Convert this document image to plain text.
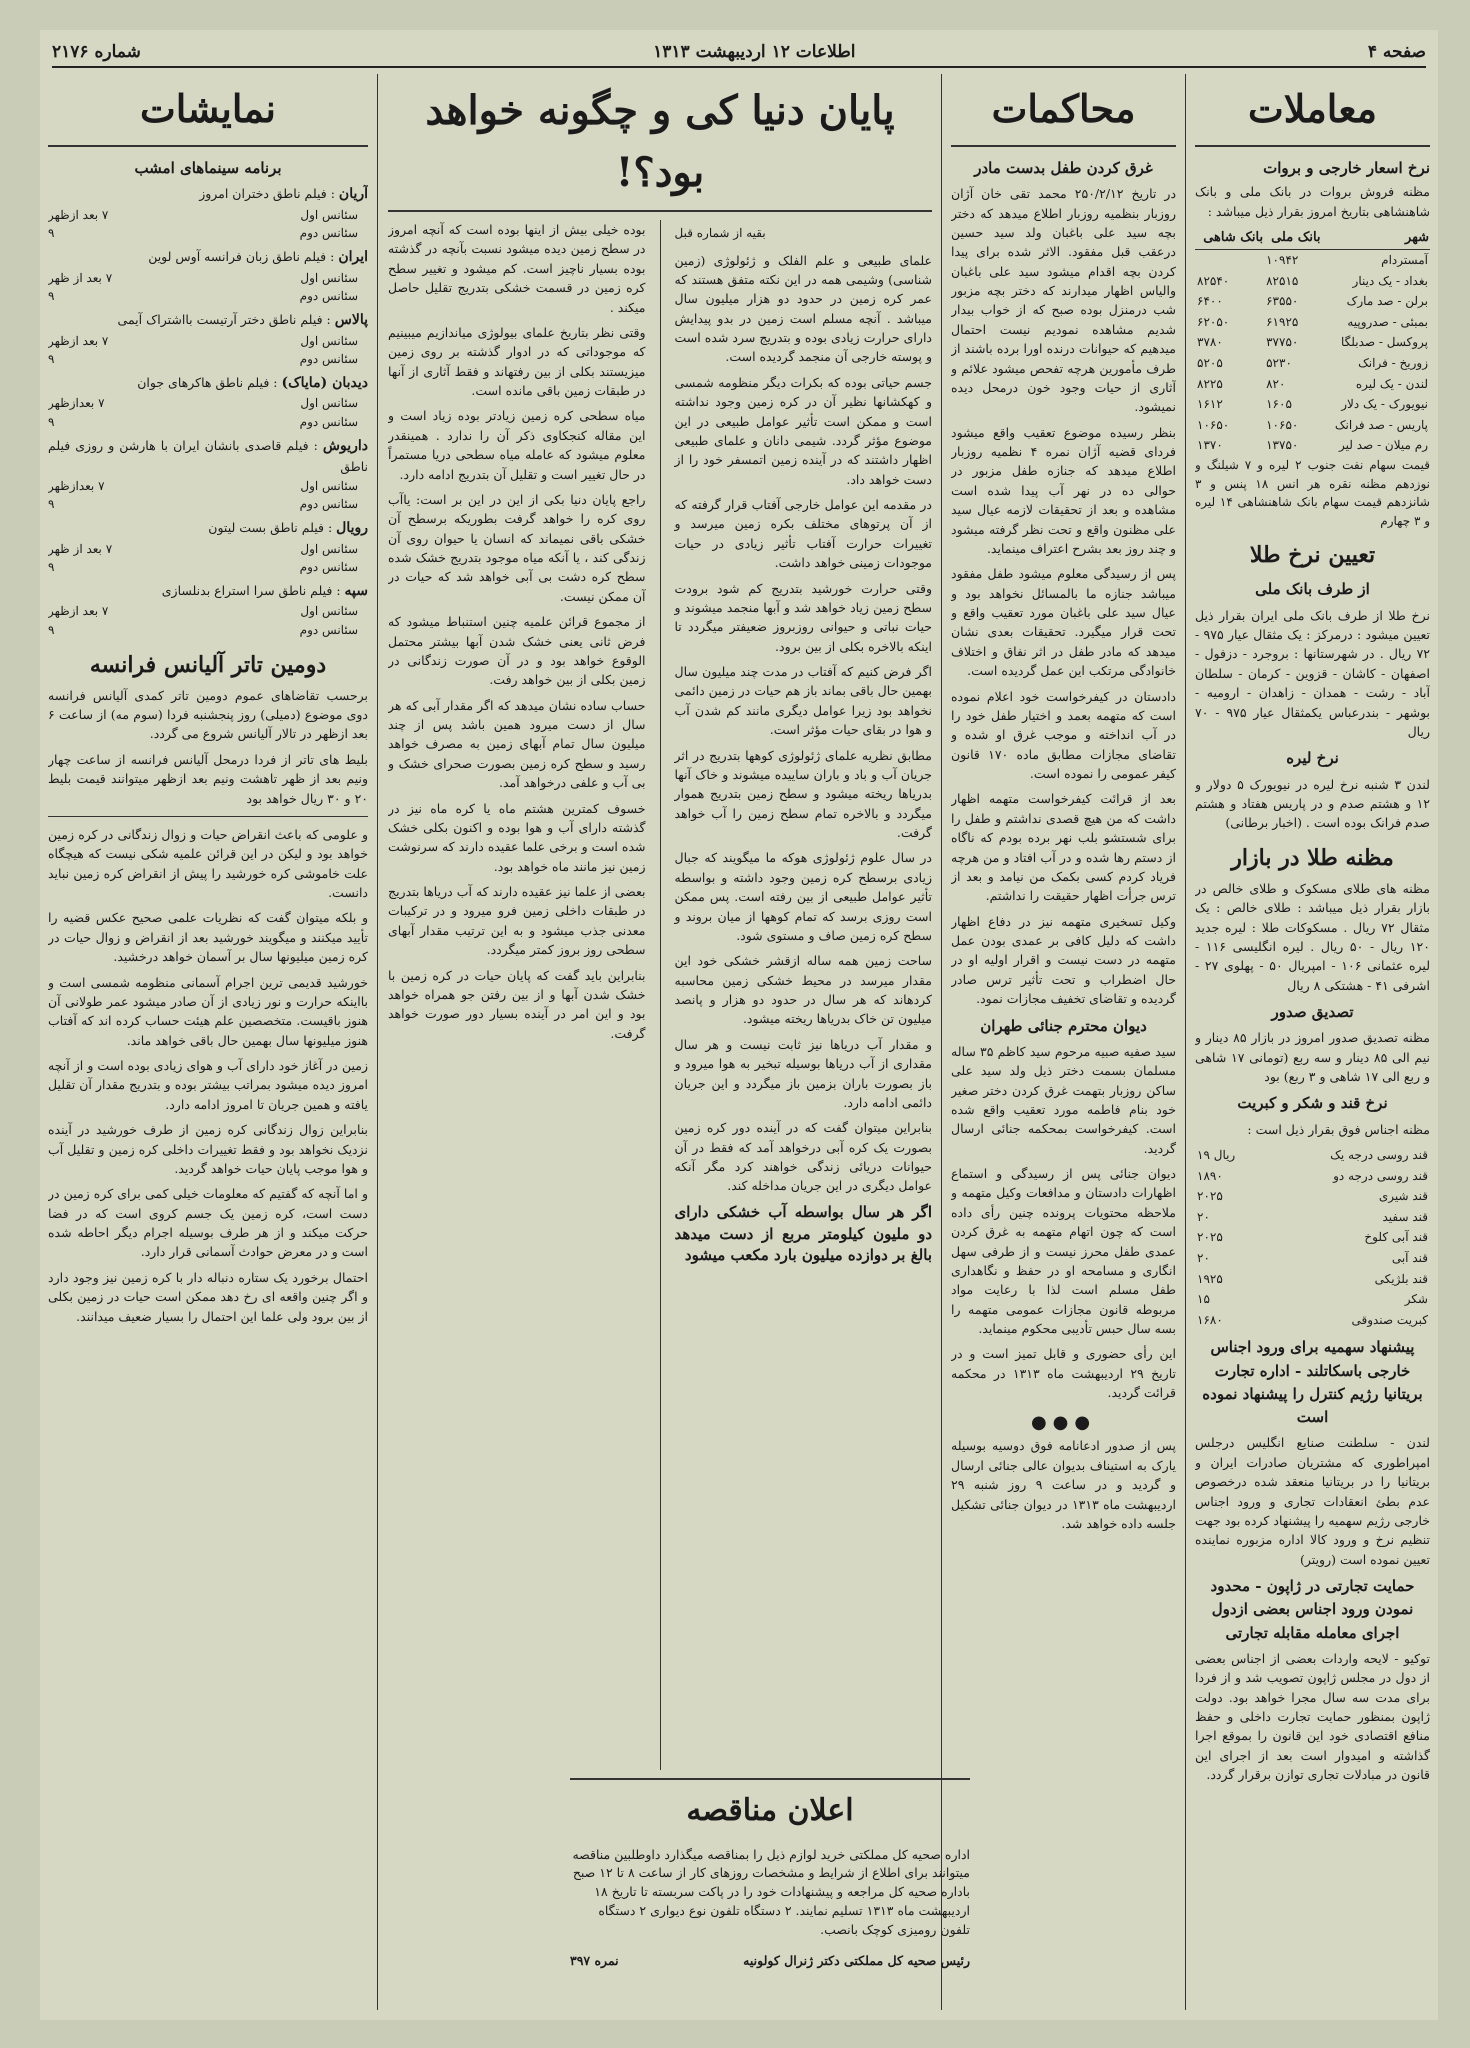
صفحه ۴
اطلاعات ۱۲ اردیبهشت ۱۳۱۳
شماره ۲۱۷۶
معاملات
نرخ اسعار خارجی و بروات

مظنه فروش بروات در بانک ملی و بانک شاهنشاهی بتاریخ امروز بقرار ذیل میباشد :

شهر	بانک ملی	بانک شاهی
آمستردام	۱۰۹۴۲	
بغداد - یک دینار	۸۲۵۱۵	۸۲۵۴۰
برلن - صد مارک	۶۳۵۵۰	۶۴۰۰
بمبئی - صدروپیه	۶۱۹۲۵	۶۲۰۵۰
پروکسل - صدبلگا	۳۷۷۵۰	۳۷۸۰
زوریخ - فرانک	۵۲۳۰	۵۲۰۵
لندن - یک لیره	۸۲۰	۸۲۲۵
نیویورک - یک دلار	۱۶۰۵	۱۶۱۲
پاریس - صد فرانک	۱۰۶۵۰	۱۰۶۵۰
رم میلان - صد لیر	۱۳۷۵۰	۱۳۷۰

قیمت سهام نفت جنوب ۲ لیره و ۷ شیلنگ و نوزدهم مظنه نقره هر انس ۱۸ پنس و ۳ شانزدهم قیمت سهام بانک شاهنشاهی ۱۴ لیره و ۳ چهارم

تعیین نرخ طلا
از طرف بانک ملی

نرخ طلا از طرف بانک ملی ایران بقرار ذیل تعیین میشود : درمرکز : یک مثقال عیار ۹۷۵ - ۷۲ ریال . در شهرستانها : بروجرد - دزفول - اصفهان - کاشان - قزوین - کرمان - سلطان آباد - رشت - همدان - زاهدان - ارومیه - بوشهر - بندرعباس یکمثقال عیار ۹۷۵ - ۷۰ ریال

نرخ لیره

لندن ۳ شنبه نرخ لیره در نیویورک ۵ دولار و ۱۲ و هشتم صدم و در پاریس هفتاد و هشتم صدم فرانک بوده است . (اخبار برطانی)

مظنه طلا در بازار

مظنه های طلای مسکوک و طلای خالص در بازار بقرار ذیل میباشد : طلای خالص : یک مثقال ۷۲ ریال . مسکوکات طلا : لیره جدید ۱۲۰ ریال - ۵۰ ریال . لیره انگلیسی ۱۱۶ - لیره عثمانی ۱۰۶ - امپریال ۵۰ - پهلوی ۲۷ - اشرفی ۴۱ - هشتکی ۸ ریال

تصدیق صدور

مظنه تصدیق صدور امروز در بازار ۸۵ دینار و نیم الی ۸۵ دینار و سه ربع (تومانی ۱۷ شاهی و ربع الی ۱۷ شاهی و ۳ ربع) بود

نرخ قند و شکر و کبریت

مظنه اجناس فوق بقرار ذیل است :

قند روسی درجه یک	۱۹ ریال
قند روسی درجه دو	۱۸۹۰
قند شیری	۲۰۲۵
قند سفید	۲۰
قند آبی کلوخ	۲۰۲۵
قند آبی	۲۰
قند بلژیکی	۱۹۲۵
شکر	۱۵
کبریت صندوقی	۱۶۸۰
پیشنهاد سهمیه برای ورود اجناس خارجی باسکاتلند - اداره تجارت بریتانیا رژیم کنترل را پیشنهاد نموده است

لندن - سلطنت صنایع انگلیس درجلس امپراطوری که مشتریان صادرات ایران و بریتانیا را در بریتانیا منعقد شده درخصوص عدم بطئ انعقادات تجاری و ورود اجناس خارجی رژیم سهمیه را پیشنهاد کرده بود جهت تنظیم نرخ و ورود کالا اداره مزبوره نماینده تعیین نموده است (رویتر)

حمایت تجارتی در ژاپون - محدود نمودن ورود اجناس بعضی ازدول اجرای معامله مقابله تجارتی

توکیو - لایحه واردات بعضی از اجناس بعضی از دول در مجلس ژاپون تصویب شد و از فردا برای مدت سه سال مجرا خواهد بود. دولت ژاپون بمنظور حمایت تجارت داخلی و حفظ منافع اقتصادی خود این قانون را بموقع اجرا گذاشته و امیدوار است بعد از اجرای این قانون در مبادلات تجاری توازن برقرار گردد.

محاکمات
غرق کردن طفل بدست مادر

در تاریخ ۲۵۰/۲/۱۲ محمد تقی خان آژان روزبار بنظمیه روزبار اطلاع میدهد که دختر بچه سید علی باغبان ولد سید حسین درعقب قبل مفقود. الاثر شده برای پیدا کردن بچه اقدام میشود سید علی باغبان والیاس اظهار میدارند که دختر بچه مزبور شب درمنزل بوده صبح که از خواب بیدار شدیم مشاهده نمودیم نیست احتمال میدهیم که حیوانات درنده اورا برده باشند از طرف مأمورین هرچه تفحص میشود علائم و آثاری از حیات وجود خون درمحل دیده نمیشود.

بنظر رسیده موضوع تعقیب واقع میشود فردای قضیه آژان نمره ۴ نظمیه روزبار اطلاع میدهد که جنازه طفل مزبور در حوالی ده در نهر آب پیدا شده است مشاهده و بعد از تحقیقات لازمه عیال سید علی مظنون واقع و تحت نظر گرفته میشود و چند روز بعد بشرح اعتراف مینماید.

پس از رسیدگی معلوم میشود طفل مفقود میباشد جنازه ما بالمسائل نخواهد بود و عیال سید علی باغبان مورد تعقیب واقع و تحت قرار میگیرد. تحقیقات بعدی نشان میدهد که مادر طفل در اثر نفاق و اختلاف خانوادگی مرتکب این عمل گردیده است.

دادستان در کیفرخواست خود اعلام نموده است که متهمه بعمد و اختیار طفل خود را در آب انداخته و موجب غرق او شده و تقاضای مجازات مطابق ماده ۱۷۰ قانون کیفر عمومی را نموده است.

بعد از قرائت کیفرخواست متهمه اظهار داشت که من هیچ قصدی نداشتم و طفل را برای شستشو بلب نهر برده بودم که ناگاه از دستم رها شده و در آب افتاد و من هرچه فریاد کردم کسی بکمک من نیامد و بعد از ترس جرأت اظهار حقیقت را نداشتم.

وکیل تسخیری متهمه نیز در دفاع اظهار داشت که دلیل کافی بر عمدی بودن عمل متهمه در دست نیست و اقرار اولیه او در حال اضطراب و تحت تأثیر ترس صادر گردیده و تقاضای تخفیف مجازات نمود.

دیوان محترم جنائی طهران

سید صفیه صبیه مرحوم سید کاظم ۳۵ ساله مسلمان بسمت دختر ذیل ولد سید علی ساکن روزبار بتهمت غرق کردن دختر صغیر خود بنام فاطمه مورد تعقیب واقع شده است. کیفرخواست بمحکمه جنائی ارسال گردید.

دیوان جنائی پس از رسیدگی و استماع اظهارات دادستان و مدافعات وکیل متهمه و ملاحظه محتویات پرونده چنین رأی داده است که چون اتهام متهمه به غرق کردن عمدی طفل محرز نیست و از طرفی سهل انگاری و مسامحه او در حفظ و نگاهداری طفل مسلم است لذا با رعایت مواد مربوطه قانون مجازات عمومی متهمه را بسه سال حبس تأدیبی محکوم مینماید.

این رأی حضوری و قابل تمیز است و در تاریخ ۲۹ اردیبهشت ماه ۱۳۱۳ در محکمه قرائت گردید.

●●●

پس از صدور ادعانامه فوق دوسیه بوسیله یارک به استیناف بدیوان عالی جنائی ارسال و گردید و در ساعت ۹ روز شنبه ۲۹ اردیبهشت ماه ۱۳۱۳ در دیوان جنائی تشکیل جلسه داده خواهد شد.

پایان دنیا کی و چگونه خواهد بود؟!
بقیه از شماره قبل

علمای طبیعی و علم الفلک و ژئولوژی (زمین شناسی) وشیمی همه در این نکته متفق هستند که عمر کره زمین در حدود دو هزار میلیون سال میباشد . آنچه مسلم است زمین در بدو پیدایش دارای حرارت زیادی بوده و بتدریج سرد شده است و پوسته خارجی آن منجمد گردیده است.

جسم حیاتی بوده که بکرات دیگر منظومه شمسی و کهکشانها نظیر آن در کره زمین وجود نداشته است و ممکن است تأثیر عوامل طبیعی در این موضوع مؤثر گردد. شیمی دانان و علمای طبیعی اظهار داشتند که در آینده زمین اتمسفر خود را از دست خواهد داد.

در مقدمه این عوامل خارجی آفتاب قرار گرفته که از آن پرتوهای مختلف بکره زمین میرسد و تغییرات حرارت آفتاب تأثیر زیادی در حیات موجودات زمینی خواهد داشت.

وقتی حرارت خورشید بتدریج کم شود برودت سطح زمین زیاد خواهد شد و آبها منجمد میشوند و حیات نباتی و حیوانی روزبروز ضعیفتر میگردد تا اینکه بالاخره بکلی از بین برود.

اگر فرض کنیم که آفتاب در مدت چند میلیون سال بهمین حال باقی بماند باز هم حیات در زمین دائمی نخواهد بود زیرا عوامل دیگری مانند کم شدن آب و هوا در بقای حیات مؤثر است.

مطابق نظریه علمای ژئولوژی کوهها بتدریج در اثر جریان آب و باد و باران ساییده میشوند و خاک آنها بدریاها ریخته میشود و سطح زمین بتدریج هموار میگردد و بالاخره تمام سطح زمین را آب خواهد گرفت.

در سال علوم ژئولوژی هوکه ما میگویند که جبال زیادی برسطح کره زمین وجود داشته و بواسطه تأثیر عوامل طبیعی از بین رفته است. پس ممکن است روزی برسد که تمام کوهها از میان بروند و سطح کره زمین صاف و مستوی شود.

ساحت زمین همه ساله ازقشر خشکی خود این مقدار میرسد در محیط خشکی زمین محاسبه کردهاند که هر سال در حدود دو هزار و پانصد میلیون تن خاک بدریاها ریخته میشود.

و مقدار آب دریاها نیز ثابت نیست و هر سال مقداری از آب دریاها بوسیله تبخیر به هوا میرود و باز بصورت باران بزمین باز میگردد و این جریان دائمی ادامه دارد.

بنابراین میتوان گفت که در آینده دور کره زمین بصورت یک کره آبی درخواهد آمد که فقط در آن حیوانات دریائی زندگی خواهند کرد مگر آنکه عوامل دیگری در این جریان مداخله کند.

اگر هر سال بواسطه آب خشکی دارای دو ملیون کیلومتر مربع از دست میدهد بالغ بر دوازده میلیون بارد مکعب میشود

بوده خیلی بیش از اینها بوده است که آنچه امروز در سطح زمین دیده میشود نسبت بآنچه در گذشته بوده بسیار ناچیز است. کم میشود و تغییر سطح کره زمین در قسمت خشکی بتدریج تقلیل حاصل میکند .

وقتی نظر بتاریخ علمای بیولوژی میاندازیم میبینیم که موجوداتی که در ادوار گذشته بر روی زمین میزیستند بکلی از بین رفتهاند و فقط آثاری از آنها در طبقات زمین باقی مانده است.

میاه سطحی کره زمین زیادتر بوده زیاد است و این مقاله کنجکاوی ذکر آن را ندارد . همینقدر معلوم میشود که عامله میاه سطحی دریا مستمراً در حال تغییر است و تقلیل آن بتدریج ادامه دارد.

راجع پایان دنیا بکی از این در این بر است: یاآب روی کره را خواهد گرفت بطوریکه برسطح آن خشکی باقی نمیماند که انسان یا حیوان روی آن زندگی کند ، یا آنکه میاه موجود بتدریج خشک شده سطح کره دشت بی آبی خواهد شد که حیات در آن ممکن نیست.

از مجموع قرائن علمیه چنین استنباط میشود که فرض ثانی یعنی خشک شدن آبها بیشتر محتمل الوقوع خواهد بود و در آن صورت زندگانی در زمین بکلی از بین خواهد رفت.

حساب ساده نشان میدهد که اگر مقدار آبی که هر سال از دست میرود همین باشد پس از چند میلیون سال تمام آبهای زمین به مصرف خواهد رسید و سطح کره زمین بصورت صحرای خشک و بی آب و علفی درخواهد آمد.

خسوف کمترین هشتم ماه یا کره ماه نیز در گذشته دارای آب و هوا بوده و اکنون بکلی خشک شده است و برخی علما عقیده دارند که سرنوشت زمین نیز مانند ماه خواهد بود.

بعضی از علما نیز عقیده دارند که آب دریاها بتدریج در طبقات داخلی زمین فرو میرود و در ترکیبات معدنی جذب میشود و به این ترتیب مقدار آبهای سطحی روز بروز کمتر میگردد.

بنابراین باید گفت که پایان حیات در کره زمین با خشک شدن آبها و از بین رفتن جو همراه خواهد بود و این امر در آینده بسیار دور صورت خواهد گرفت.

اعلان مناقصه

اداره صحیه کل مملکتی خرید لوازم ذیل را بمناقصه میگذارد داوطلبین مناقصه میتوانند برای اطلاع از شرایط و مشخصات روزهای کار از ساعت ۸ تا ۱۲ صبح باداره صحیه کل مراجعه و پیشنهادات خود را در پاکت سربسته تا تاریخ ۱۸ اردیبهشت ماه ۱۳۱۳ تسلیم نمایند. ۲ دستگاه تلفون نوع دیواری ۲ دستگاه تلفون رومیزی کوچک بانصب.

رئیس صحیه کل مملکتی دکتر ژنرال کولونیه
نمره ۳۹۷
نمایشات
برنامه سینماهای امشب
آریان : فیلم ناطق دختران امروز
سئانس اول
۷ بعد ازظهر
سئانس دوم
۹
ایران : فیلم ناطق زبان فرانسه آوس لوین
سئانس اول
۷ بعد از ظهر
سئانس دوم
۹
پالاس : فیلم ناطق دختر آرتیست بااشتراک آیمی
سئانس اول
۷ بعد ازظهر
سئانس دوم
۹
دیدبان (مایاک) : فیلم ناطق هاکرهای جوان
سئانس اول
۷ بعدازظهر
سئانس دوم
۹
داریوش : فیلم قاصدی بانشان ایران با هارشن و روزی فیلم ناطق
سئانس اول
۷ بعدازظهر
سئانس دوم
۹
رویال : فیلم ناطق بست لیتون
سئانس اول
۷ بعد از ظهر
سئانس دوم
۹
سپه : فیلم ناطق سرا استراع بدنلسازی
سئانس اول
۷ بعد ازظهر
سئانس دوم
۹
دومین تاتر آلیانس فرانسه

برحسب تقاضاهای عموم دومین تاتر کمدی آلیانس فرانسه دوی موضوع (دمیلی) روز پنجشنبه فردا (سوم مه) از ساعت ۶ بعد ازظهر در تالار آلیانس شروع می گردد.

بلیط های تاتر از فردا درمحل آلیانس فرانسه از ساعت چهار ونیم بعد از ظهر تاهشت ونیم بعد ازظهر میتوانند قیمت بلیط ۲۰ و ۳۰ ریال خواهد بود

و علومی که باعث انقراض حیات و زوال زندگانی در کره زمین خواهد بود و لیکن در این قرائن علمیه شکی نیست که هیچگاه علت خاموشی کره خورشید را پیش از انقراض کره زمین نباید دانست.

و بلکه میتوان گفت که نظریات علمی صحیح عکس قضیه را تأیید میکنند و میگویند خورشید بعد از انقراض و زوال حیات در کره زمین میلیونها سال بر آسمان خواهد درخشید.

خورشید قدیمی ترین اجرام آسمانی منظومه شمسی است و بااینکه حرارت و نور زیادی از آن صادر میشود عمر طولانی آن هنوز باقیست. متخصصین علم هیئت حساب کرده اند که آفتاب هنوز میلیونها سال بهمین حال باقی خواهد ماند.

زمین در آغاز خود دارای آب و هوای زیادی بوده است و از آنچه امروز دیده میشود بمراتب بیشتر بوده و بتدریج مقدار آن تقلیل یافته و همین جریان تا امروز ادامه دارد.

بنابراین زوال زندگانی کره زمین از طرف خورشید در آینده نزدیک نخواهد بود و فقط تغییرات داخلی کره زمین و تقلیل آب و هوا موجب پایان حیات خواهد گردید.

و اما آنچه که گفتیم که معلومات خیلی کمی برای کره زمین در دست است، کره زمین یک جسم کروی است که در فضا حرکت میکند و از هر طرف بوسیله اجرام دیگر احاطه شده است و در معرض حوادث آسمانی قرار دارد.

احتمال برخورد یک ستاره دنباله دار با کره زمین نیز وجود دارد و اگر چنین واقعه ای رخ دهد ممکن است حیات در زمین بکلی از بین برود ولی علما این احتمال را بسیار ضعیف میدانند.
